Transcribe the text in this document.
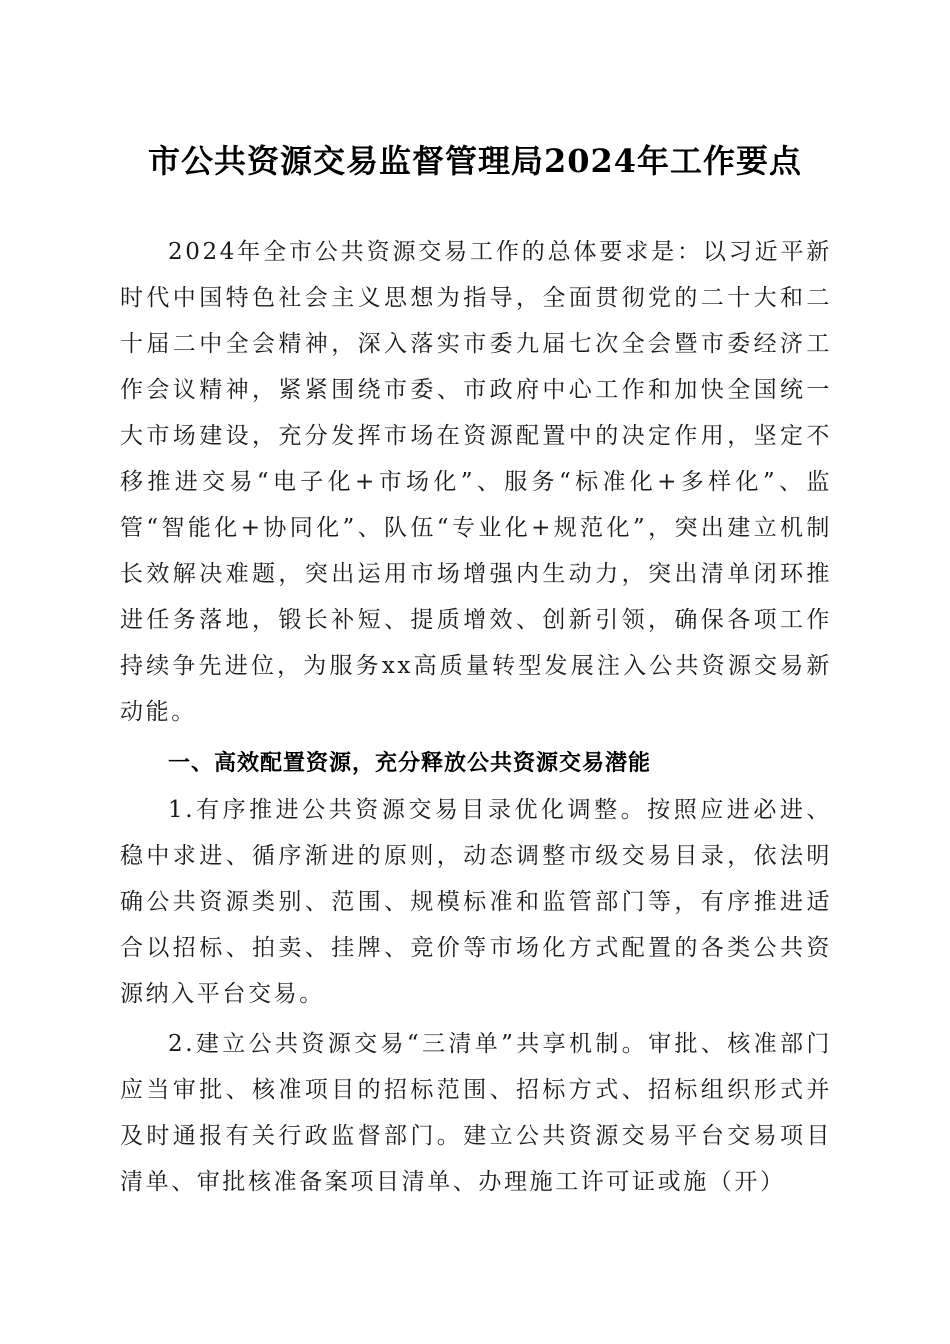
市公共资源交易监督管理局2024年工作要点

2024年全市公共资源交易工作的总体要求是：以习近平新时代中国特色社会主义思想为指导，全面贯彻党的二十大和二十届二中全会精神，深入落实市委九届七次全会暨市委经济工作会议精神，紧紧围绕市委、市政府中心工作和加快全国统一大市场建设，充分发挥市场在资源配置中的决定作用，坚定不移推进交易“电子化+市场化”、服务“标准化+多样化”、监管“智能化+协同化”、队伍“专业化+规范化”，突出建立机制长效解决难题，突出运用市场增强内生动力，突出清单闭环推进任务落地，锻长补短、提质增效、创新引领，确保各项工作持续争先进位，为服务xx高质量转型发展注入公共资源交易新动能。

一、高效配置资源，充分释放公共资源交易潜能

1.有序推进公共资源交易目录优化调整。按照应进必进、稳中求进、循序渐进的原则，动态调整市级交易目录，依法明确公共资源类别、范围、规模标准和监管部门等，有序推进适合以招标、拍卖、挂牌、竞价等市场化方式配置的各类公共资源纳入平台交易。

2.建立公共资源交易“三清单”共享机制。审批、核准部门应当审批、核准项目的招标范围、招标方式、招标组织形式并及时通报有关行政监督部门。建立公共资源交易平台交易项目清单、审批核准备案项目清单、办理施工许可证或施（开）
